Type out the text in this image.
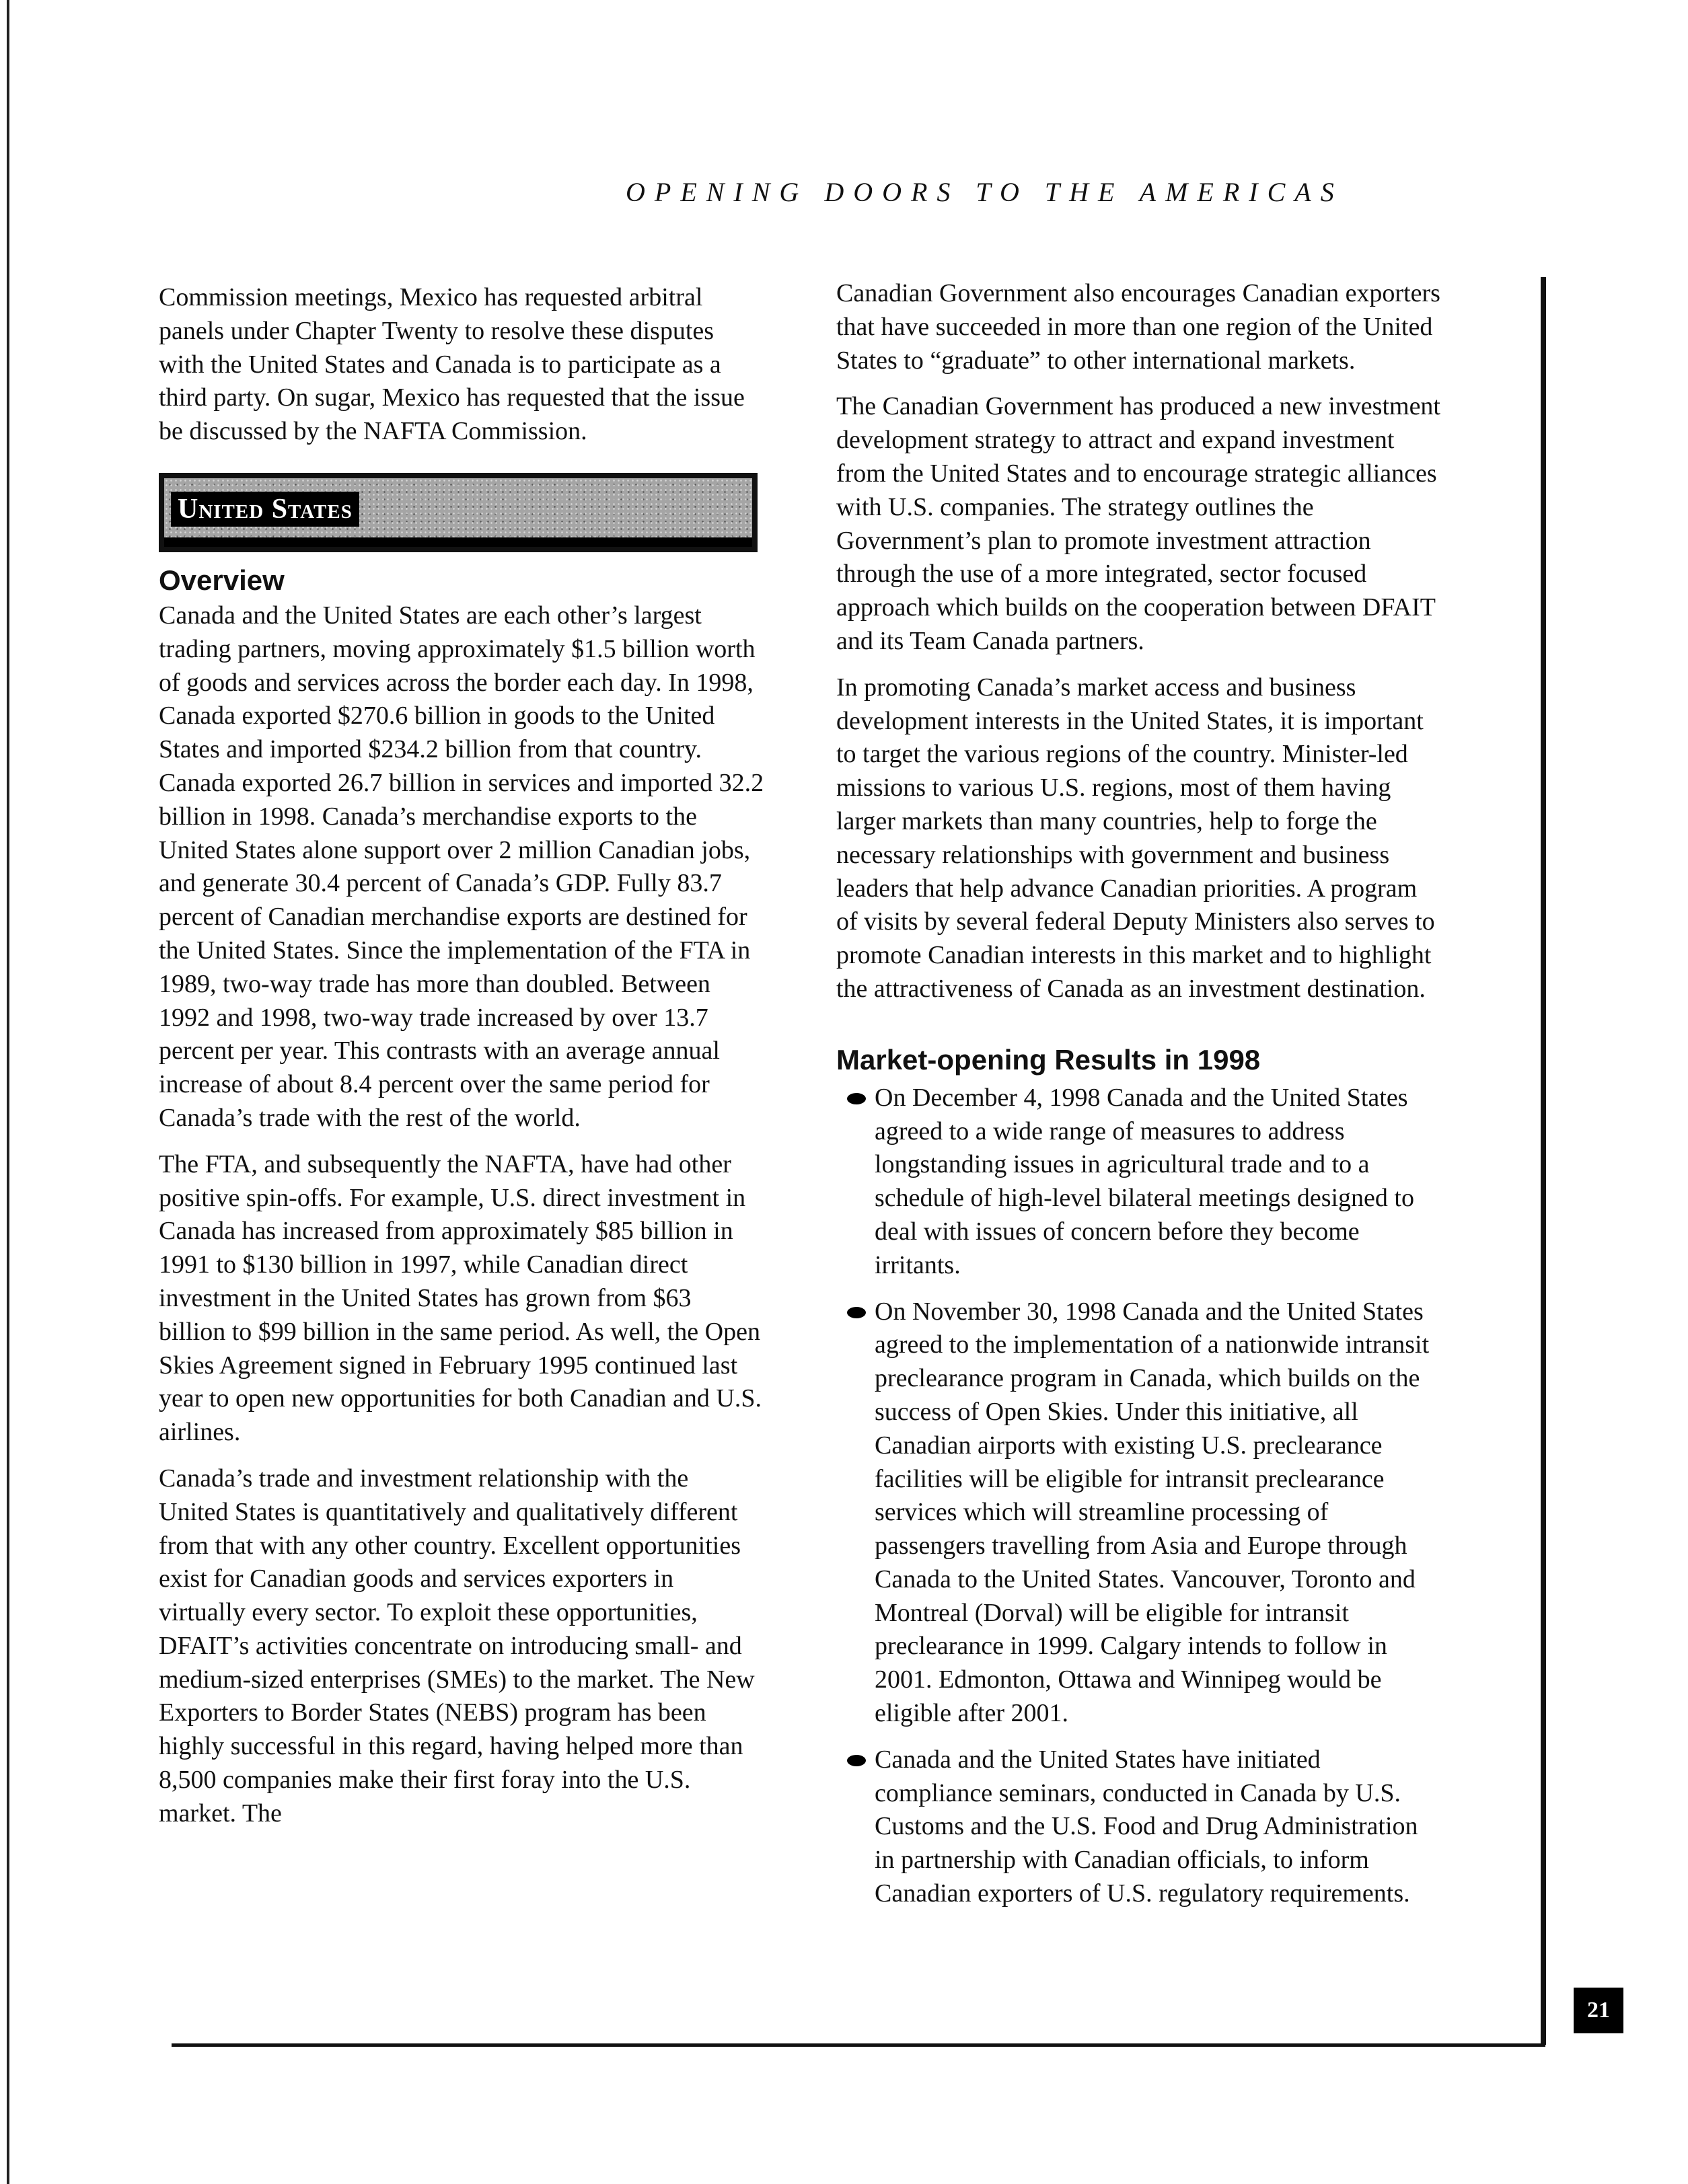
OPENING DOORS TO THE AMERICAS

Commission meetings, Mexico has requested arbitral panels under Chapter Twenty to resolve these disputes with the United States and Canada is to participate as a third party. On sugar, Mexico has requested that the issue be discussed by the NAFTA Commission.

United States
Overview

Canada and the United States are each other’s largest trading partners, moving approximately $1.5 billion worth of goods and services across the border each day. In 1998, Canada exported $270.6 billion in goods to the United States and imported $234.2 billion from that country. Canada exported 26.7 billion in services and imported 32.2 billion in 1998. Canada’s merchandise exports to the United States alone support over 2 million Canadian jobs, and generate 30.4 percent of Canada’s GDP. Fully 83.7 percent of Canadian merchandise exports are destined for the United States. Since the implementation of the FTA in 1989, two-way trade has more than doubled. Between 1992 and 1998, two-way trade increased by over 13.7 percent per year. This contrasts with an average annual increase of about 8.4 percent over the same period for Canada’s trade with the rest of the world.

The FTA, and subsequently the NAFTA, have had other positive spin-offs. For example, U.S. direct investment in Canada has increased from approximately $85 billion in 1991 to $130 billion in 1997, while Canadian direct investment in the United States has grown from $63 billion to $99 billion in the same period. As well, the Open Skies Agreement signed in February 1995 continued last year to open new opportunities for both Canadian and U.S. airlines.

Canada’s trade and investment relationship with the United States is quantitatively and qualitatively different from that with any other country. Excellent opportunities exist for Canadian goods and services exporters in virtually every sector. To exploit these opportunities, DFAIT’s activities concentrate on introducing small- and medium-sized enterprises (SMEs) to the market. The New Exporters to Border States (NEBS) program has been highly successful in this regard, having helped more than 8,500 companies make their first foray into the U.S. market. The

Canadian Government also encourages Canadian exporters that have succeeded in more than one region of the United States to “graduate” to other international markets.

The Canadian Government has produced a new investment development strategy to attract and expand investment from the United States and to encourage strategic alliances with U.S. companies. The strategy outlines the Government’s plan to promote investment attraction through the use of a more integrated, sector focused approach which builds on the cooperation between DFAIT and its Team Canada partners.

In promoting Canada’s market access and business development interests in the United States, it is important to target the various regions of the country. Minister-led missions to various U.S. regions, most of them having larger markets than many countries, help to forge the necessary relationships with government and business leaders that help advance Canadian priorities. A program of visits by several federal Deputy Ministers also serves to promote Canadian interests in this market and to highlight the attractiveness of Canada as an investment destination.

Market-opening Results in 1998
On December 4, 1998 Canada and the United States agreed to a wide range of measures to address longstanding issues in agricultural trade and to a schedule of high-level bilateral meetings designed to deal with issues of concern before they become irritants.
On November 30, 1998 Canada and the United States agreed to the implementation of a nationwide intransit preclearance program in Canada, which builds on the success of Open Skies. Under this initiative, all Canadian airports with existing U.S. preclearance facilities will be eligible for intransit preclearance services which will streamline processing of passengers travelling from Asia and Europe through Canada to the United States. Vancouver, Toronto and Montreal (Dorval) will be eligible for intransit preclearance in 1999. Calgary intends to follow in 2001. Edmonton, Ottawa and Winnipeg would be eligible after 2001.
Canada and the United States have initiated compliance seminars, conducted in Canada by U.S. Customs and the U.S. Food and Drug Administration in partnership with Canadian officials, to inform Canadian exporters of U.S. regulatory requirements.
21
